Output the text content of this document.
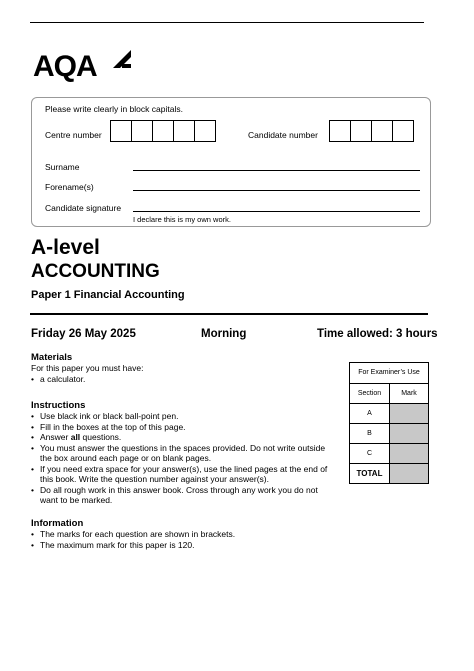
AQA
Please write clearly in block capitals.
Centre number	Candidate number
Surname
Forename(s)
Candidate signature
I declare this is my own work.
A-level
ACCOUNTING
Paper 1 Financial Accounting
Friday 26 May 2025	Morning	Time allowed: 3 hours
Materials
For this paper you must have:
• a calculator.
Instructions
• Use black ink or black ball-point pen.
• Fill in the boxes at the top of this page.
• Answer all questions.
• You must answer the questions in the spaces provided. Do not write outside the box around each page or on blank pages.
• If you need extra space for your answer(s), use the lined pages at the end of this book. Write the question number against your answer(s).
• Do all rough work in this answer book. Cross through any work you do not want to be marked.
Information
• The marks for each question are shown in brackets.
• The maximum mark for this paper is 120.
For Examiner’s Use
Section	Mark
A
B
C
TOTAL
